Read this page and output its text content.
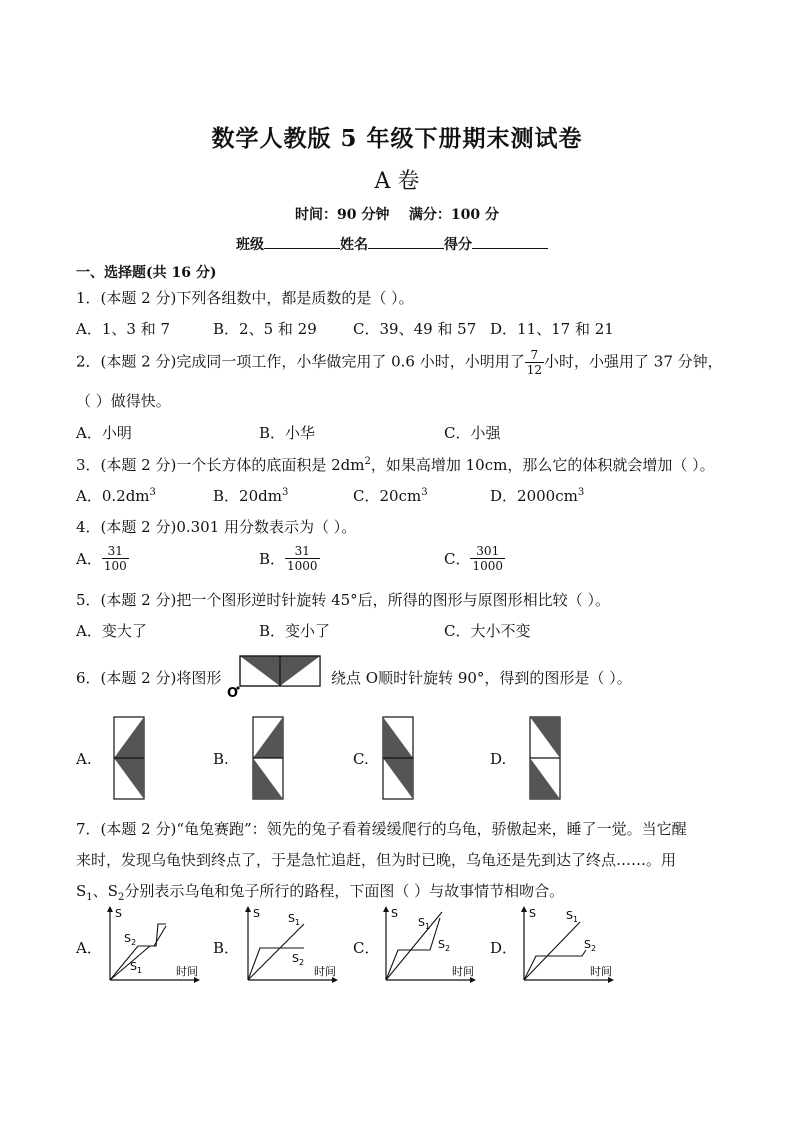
数学人教版 5 年级下册期末测试卷
A 卷
时间：90 分钟    满分：100 分
班级	姓名	得分
一、选择题(共 16 分)
1．(本题 2 分)下列各组数中，都是质数的是（ ）。
A．1、3 和 7	B．2、5 和 29 C．39、49 和 57 D．11、17 和 21
2．(本题 2 分)完成同一项工作，小华做完用了 0.6 小时，小明用了 $\frac{7}{12}$ 小时，小强用了 37 分钟，
（ ）做得快。
A．小明	B．小华	C．小强
3．(本题 2 分)一个长方体的底面积是 $2dm^2$，如果高增加 10cm，那么它的体积就会增加（ ）。
A．$0.2dm^3$	B．$20dm^3$	C．$20cm^3$	D．$2000cm^3$
4．(本题 2 分)0.301 用分数表示为（ ）。
A． $\frac{31}{100}$	B． $\frac{31}{1000}$	C． $\frac{301}{1000}$
5．(本题 2 分)把一个图形逆时针旋转 45°后，所得的图形与原图形相比较（ ）。
A．变大了	B．变小了	C．大小不变
6．(本题 2 分)将图形
O
绕点 O顺时针旋转 90°，得到的图形是（ ）。
A.	B.	C.	D.
7．(本题 2 分)“龟兔赛跑”：领先的兔子看着缓缓爬行的乌龟，骄傲起来，睡了一觉。当它醒
来时，发现乌龟快到终点了，于是急忙追赶，但为时已晚，乌龟还是先到达了终点……。用
$S_1$、$S_2$分别表示乌龟和兔子所行的路程，下面图（ ）与故事情节相吻合。
A．
S
时间
$S_2$
$S_1$
B．
S
时间
$S_1$
$S_2$
C．
S
时间
$S_1$
$S_2$	D．
S
时间
$S_1$
$S_2$
